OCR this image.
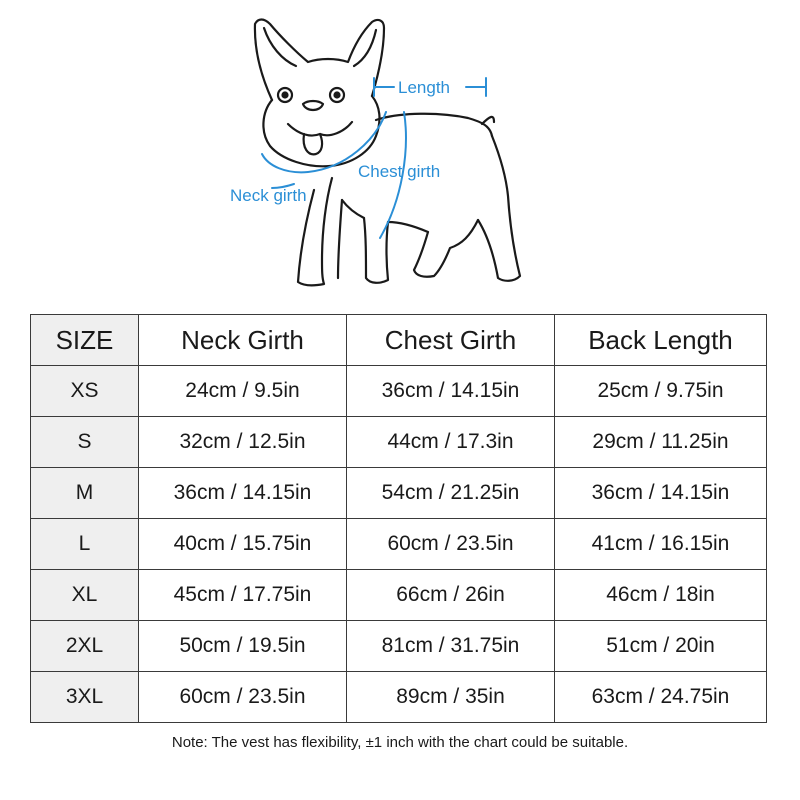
Length
Chest girth
Neck girth
SIZE	Neck Girth	Chest Girth	Back Length
XS	24cm / 9.5in	36cm / 14.15in	25cm / 9.75in
S	32cm / 12.5in	44cm / 17.3in	29cm / 11.25in
M	36cm / 14.15in	54cm / 21.25in	36cm / 14.15in
L	40cm / 15.75in	60cm / 23.5in	41cm / 16.15in
XL	45cm / 17.75in	66cm / 26in	46cm / 18in
2XL	50cm / 19.5in	81cm / 31.75in	51cm / 20in
3XL	60cm / 23.5in	89cm / 35in	63cm / 24.75in
Note: The vest has flexibility, ±1 inch with the chart could be suitable.
